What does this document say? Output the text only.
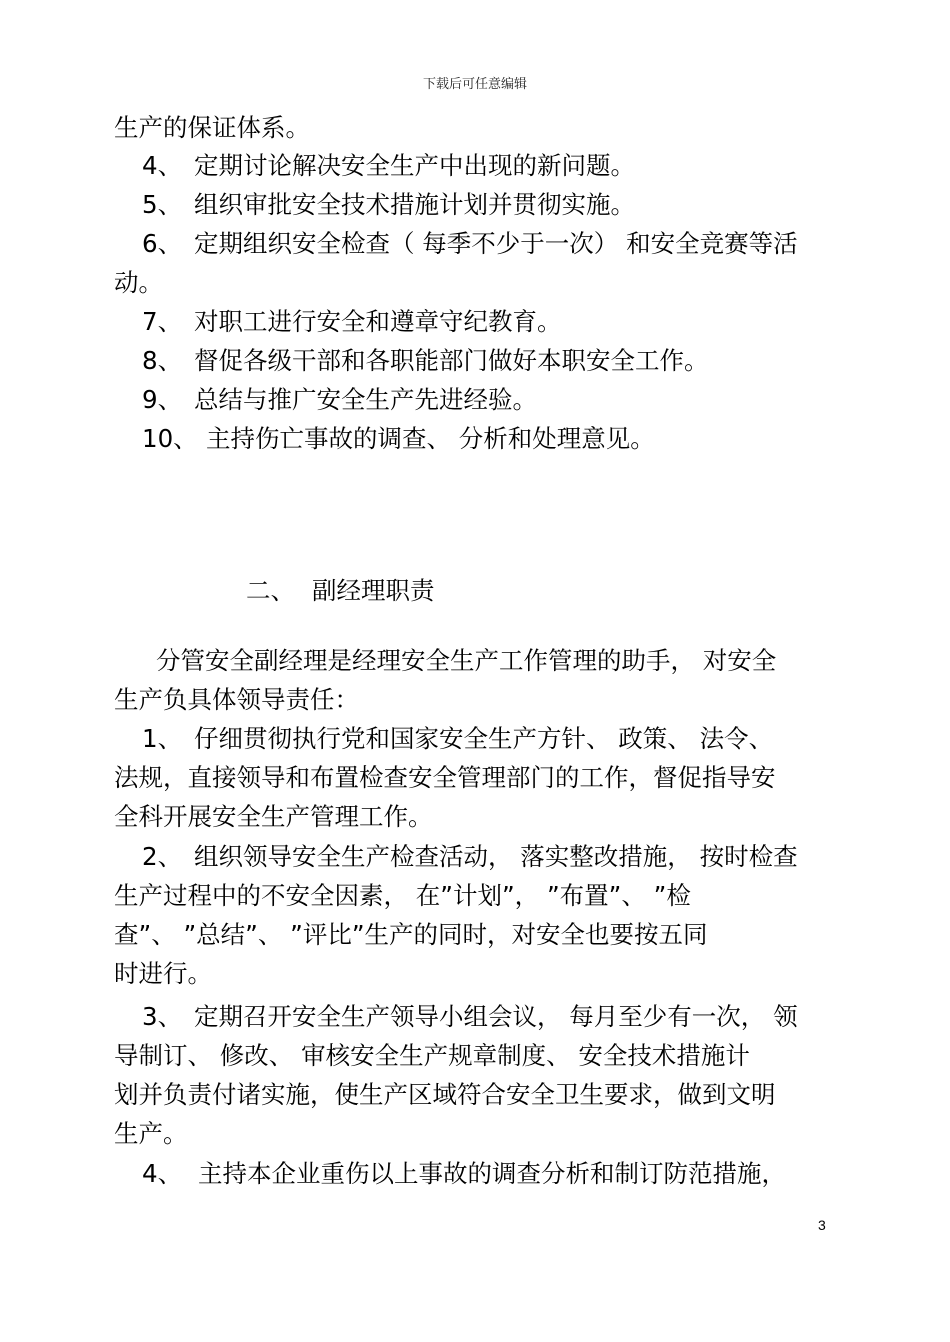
下载后可任意编辑
生产的保证体系。
4、 定期讨论解决安全生产中出现的新问题。
5、 组织审批安全技术措施计划并贯彻实施。
6、 定期组织安全检查（ 每季不少于一次） 和安全竞赛等活
动。
7、 对职工进行安全和遵章守纪教育。
8、 督促各级干部和各职能部门做好本职安全工作。
9、 总结与推广安全生产先进经验。
10、 主持伤亡事故的调查、 分析和处理意见。
二、 副经理职责
分管安全副经理是经理安全生产工作管理的助手， 对安全
生产负具体领导责任：
1、 仔细贯彻执行党和国家安全生产方针、 政策、 法令、
法规，直接领导和布置检查安全管理部门的工作，督促指导安
全科开展安全生产管理工作。
2、 组织领导安全生产检查活动， 落实整改措施， 按时检查
生产过程中的不安全因素， 在”计划”， ”布置”、 ”检
查”、 ”总结”、 ”评比”生产的同时，对安全也要按五同
时进行。
3、 定期召开安全生产领导小组会议， 每月至少有一次， 领
导制订、 修改、 审核安全生产规章制度、 安全技术措施计
划并负责付诸实施，使生产区域符合安全卫生要求，做到文明
生产。
4、 主持本企业重伤以上事故的调查分析和制订防范措施，
3
